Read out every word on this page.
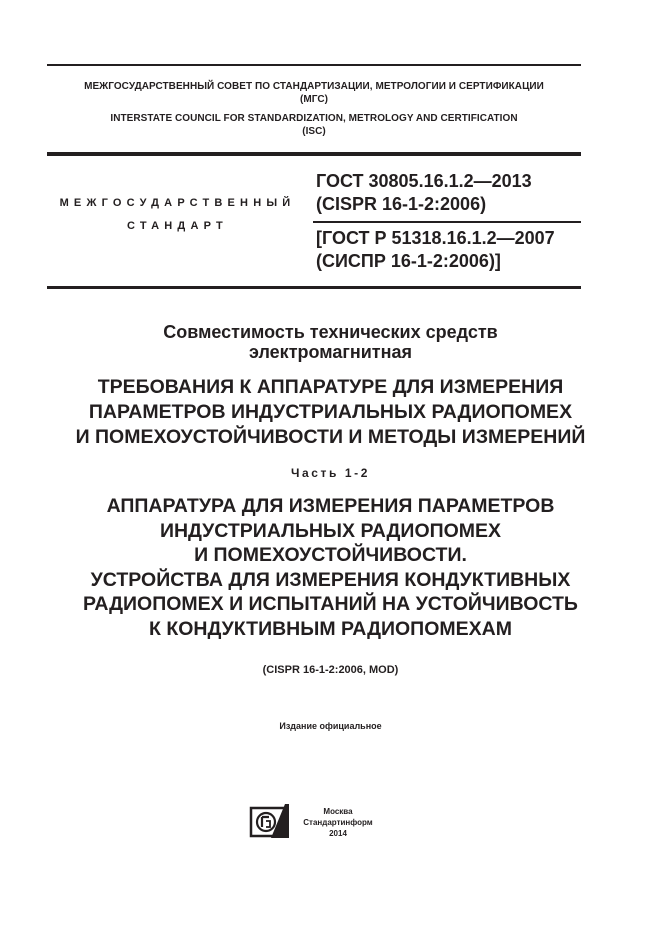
МЕЖГОСУДАРСТВЕННЫЙ СОВЕТ ПО СТАНДАРТИЗАЦИИ, МЕТРОЛОГИИ И СЕРТИФИКАЦИИ
(МГС)
INTERSTATE COUNCIL FOR STANDARDIZATION, METROLOGY AND CERTIFICATION
(ISC)
МЕЖГОСУДАРСТВЕННЫЙ
СТАНДАРТ
ГОСТ 30805.16.1.2—2013
(CISPR 16-1-2:2006)
[ГОСТ Р 51318.16.1.2—2007
(СИСПР 16-1-2:2006)]
Совместимость технических средств
электромагнитная
ТРЕБОВАНИЯ К АППАРАТУРЕ ДЛЯ ИЗМЕРЕНИЯ
ПАРАМЕТРОВ ИНДУСТРИАЛЬНЫХ РАДИОПОМЕХ
И ПОМЕХОУСТОЙЧИВОСТИ И МЕТОДЫ ИЗМЕРЕНИЙ
Часть 1-2
АППАРАТУРА ДЛЯ ИЗМЕРЕНИЯ ПАРАМЕТРОВ
ИНДУСТРИАЛЬНЫХ РАДИОПОМЕХ
И ПОМЕХОУСТОЙЧИВОСТИ.
УСТРОЙСТВА ДЛЯ ИЗМЕРЕНИЯ КОНДУКТИВНЫХ
РАДИОПОМЕХ И ИСПЫТАНИЙ НА УСТОЙЧИВОСТЬ
К КОНДУКТИВНЫМ РАДИОПОМЕХАМ
(CISPR 16-1-2:2006, MOD)
Издание официальное
Москва
Стандартинформ
2014
